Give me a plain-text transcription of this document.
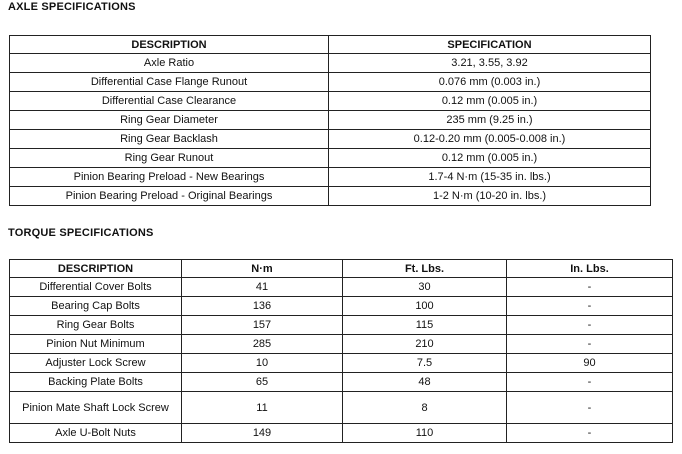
AXLE SPECIFICATIONS
DESCRIPTION	SPECIFICATION
Axle Ratio	3.21, 3.55, 3.92
Differential Case Flange Runout	0.076 mm (0.003 in.)
Differential Case Clearance	0.12 mm (0.005 in.)
Ring Gear Diameter	235 mm (9.25 in.)
Ring Gear Backlash	0.12-0.20 mm (0.005-0.008 in.)
Ring Gear Runout	0.12 mm (0.005 in.)
Pinion Bearing Preload - New Bearings	1.7-4 N·m (15-35 in. lbs.)
Pinion Bearing Preload - Original Bearings	1-2 N·m (10-20 in. lbs.)
TORQUE SPECIFICATIONS
DESCRIPTION	N·m	Ft. Lbs.	In. Lbs.
Differential Cover Bolts	41	30	-
Bearing Cap Bolts	136	100	-
Ring Gear Bolts	157	115	-
Pinion Nut Minimum	285	210	-
Adjuster Lock Screw	10	7.5	90
Backing Plate Bolts	65	48	-
Pinion Mate Shaft Lock Screw	11	8	-
Axle U-Bolt Nuts	149	110	-
